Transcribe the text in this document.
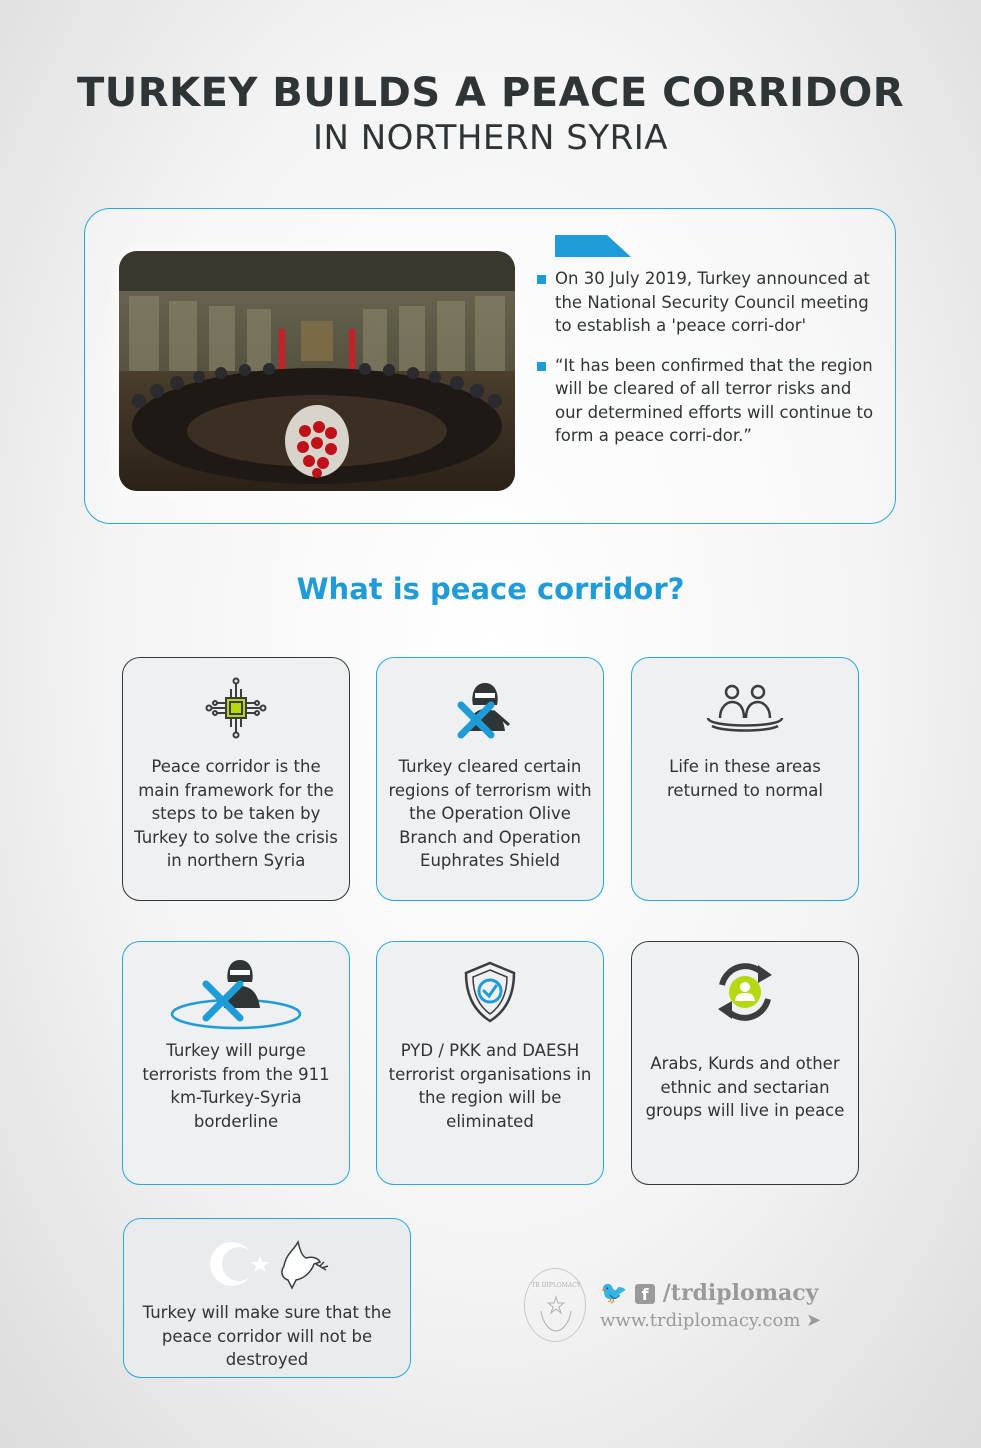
TURKEY BUILDS A PEACE CORRIDOR
IN NORTHERN SYRIA
On 30 July 2019, Turkey announced at the National Security Council meeting to establish a 'peace corri-dor'
“It has been confirmed that the region will be cleared of all terror risks and our determined efforts will continue to form a peace corri-dor.”
What is peace corridor?
Peace corridor is the main framework for the steps to be taken by Turkey to solve the crisis in northern Syria
Turkey cleared certain regions of terrorism with the Operation Olive Branch and Operation Euphrates Shield
Life in these areas returned to normal
Turkey will purge terrorists from the 911 km-Turkey-Syria borderline
PYD / PKK and DAESH terrorist organisations in the region will be eliminated
Arabs, Kurds and other ethnic and sectarian groups will live in peace
Turkey will make sure that the peace corridor will not be destroyed
TR DIPLOMACY 🐦 f /trdiplomacy
www.trdiplomacy.com ➤
